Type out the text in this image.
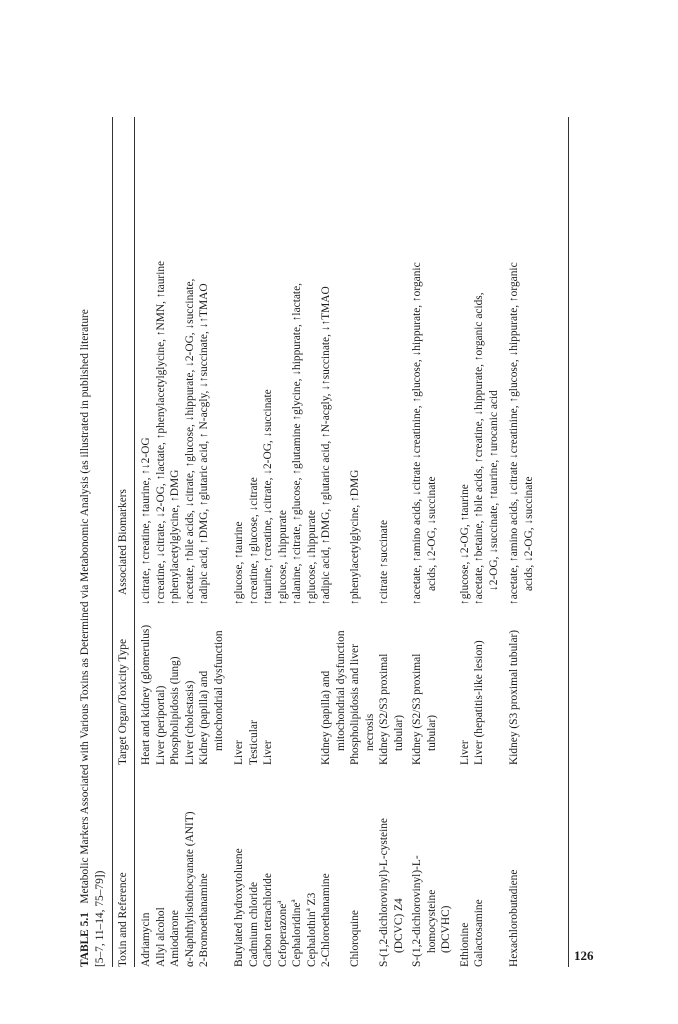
TABLE 5.1   Metabolic Markers Associated with Various Toxins as Determined via Metabonomic Analysis (as illustrated in published literature
[5–7, 11–14, 75–79]) Toxin and Reference
Target Organ/Toxicity Type
Associated Biomarkers
Adriamycin
Heart and kidney (glomerulus)
↓citrate, ↑creatine, ↑taurine, ↑↓2-OG
Allyl alcohol
Liver (periportal)
↑creatine, ↓citrate, ↓2-OG, ↑lactate, ↑phenylacetylglycine, ↑NMN, ↑taurine
Amiodarone
Phospholipidosis (lung)
↑phenylacetylglycine, ↑DMG
α-Naphthylisothiocyanate (ANIT)
Liver (cholestasis)
↑acetate, ↑bile acids, ↓citrate, ↑glucose, ↓hippurate, ↓2-OG, ↓succinate,
2-Bromoethanamine
Kidney (papilla) and mitochondrial dysfunction
↑adipic acid, ↑DMG, ↑glutaric acid, ↑ N-acgly, ↓↑succinate, ↓↑TMAO
Butylated hydroxytoluene
Liver
↑glucose, ↑taurine
Cadmium chloride
Testicular
↑creatine, ↑glucose, ↓citrate
Carbon tetrachloride
Liver
↑taurine, ↑creatine, ↓citrate, ↓2-OG, ↓succinate
Cefoperazone$^a$
↑glucose, ↓hippurate
Cephaloridine$^a$
↑alanine, ↑citrate, ↑glucose, ↑glutamine ↑glycine, ↓hippurate, ↑lactate,
Cephalothin$^a$ Z3
↑glucose, ↓hippurate
2-Chloroethanamine
Kidney (papilla) and mitochondrial dysfunction
↑adipic acid, ↑DMG, ↑glutaric acid, ↑N-acgly, ↓↑succinate, ↓↑TMAO
Chloroquine
Phospholipidosis and liver necrosis
↑phenylacetylglycine, ↑DMG
S-(1,2-dichlorovinyl)-L-cysteine (DCVC) Z4
Kidney (S2/S3 proximal tubular)
↑citrate ↑succinate
S-(1,2-dichlorovinyl)-L- homocysteine (DCVHC)
Kidney (S2/S3 proximal tubular)
↑acetate, ↑amino acids, ↓citrate ↓creatinine, ↑glucose, ↓hippurate, ↑organic acids, ↓2-OG, ↓succinate
Ethionine
Liver
↑glucose, ↓2-OG, ↑taurine
Galactosamine
Liver (hepatitis-like lesion)
↑acetate, ↑betaine, ↑bile acids, ↑creatine, ↓hippurate, ↑organic acids, ↓2-OG, ↓succinate, ↑taurine, ↑urocanic acid
Hexachlorobutadiene
Kidney (S3 proximal tubular)
↑acetate, ↑amino acids, ↓citrate ↓creatinine, ↑glucose, ↓hippurate, ↑organic acids, ↓2-OG, ↓succinate
126
